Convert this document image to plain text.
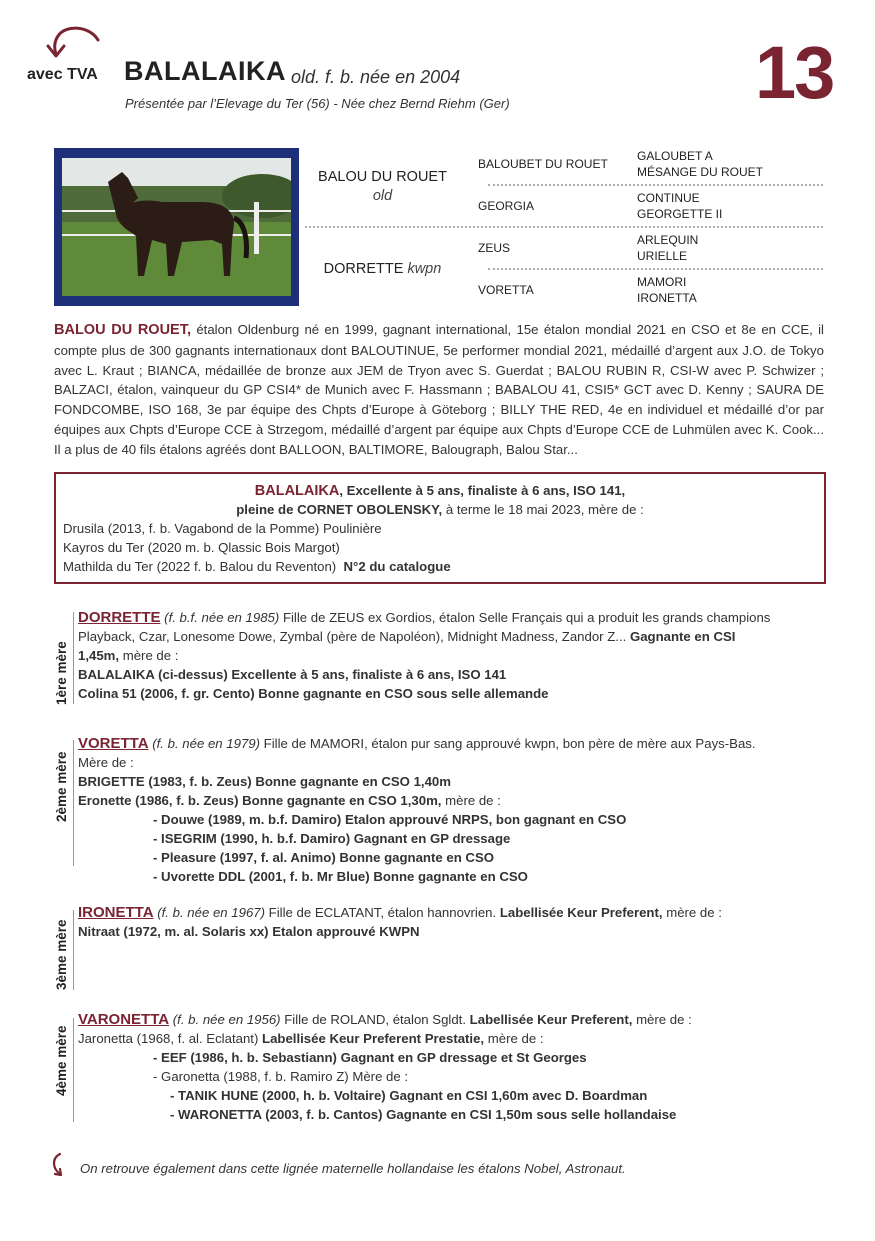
avec TVA BALALAIKA old. f. b. née en 2004
Présentée par l’Elevage du Ter (56) - Née chez Bernd Riehm (Ger)	13
BALOU DU ROUET
old
DORRETTE kwpn
BALOUBET DU ROUET
GEORGIA
ZEUS
VORETTA
GALOUBET A
MÉSANGE DU ROUET
CONTINUE
GEORGETTE II
ARLEQUIN
URIELLE
MAMORI
IRONETTA
BALOU DU ROUET, étalon Oldenburg né en 1999, gagnant international, 15e étalon mondial 2021 en CSO et 8e en CCE, il compte plus de 300 gagnants internationaux dont BALOUTINUE, 5e performer mondial 2021, médaillé d’argent aux J.O. de Tokyo avec L. Kraut ; BIANCA, médaillée de bronze aux JEM de Tryon avec S. Guerdat ; BALOU RUBIN R, CSI-W avec P. Schwizer ; BALZACI, étalon, vainqueur du GP CSI4* de Munich avec F. Hassmann ; BABALOU 41, CSI5* GCT avec D. Kenny ; SAURA DE FONDCOMBE, ISO 168, 3e par équipe des Chpts d’Europe à Göteborg ; BILLY THE RED, 4e en individuel et médaillé d’or par équipes aux Chpts d’Europe CCE à Strzegom, médaillé d’argent par équipe aux Chpts d’Europe CCE de Luhmülen avec K. Cook... Il a plus de 40 fils étalons agréés dont BALLOON, BALTIMORE, Balougraph, Balou Star...
BALALAIKA, Excellente à 5 ans, finaliste à 6 ans, ISO 141,
pleine de CORNET OBOLENSKY, à terme le 18 mai 2023, mère de :
Drusila (2013, f. b. Vagabond de la Pomme) Poulinière
Kayros du Ter (2020 m. b. Qlassic Bois Margot)
Mathilda du Ter (2022 f. b. Balou du Reventon) N°2 du catalogue
1ère mère
DORRETTE (f. b.f. née en 1985) Fille de ZEUS ex Gordios, étalon Selle Français qui a produit les grands champions
Playback, Czar, Lonesome Dowe, Zymbal (père de Napoléon), Midnight Madness, Zandor Z... Gagnante en CSI
1,45m, mère de :
BALALAIKA (ci-dessus) Excellente à 5 ans, finaliste à 6 ans, ISO 141
Colina 51 (2006, f. gr. Cento) Bonne gagnante en CSO sous selle allemande
2ème mère
VORETTA (f. b. née en 1979) Fille de MAMORI, étalon pur sang approuvé kwpn, bon père de mère aux Pays-Bas.
Mère de :
BRIGETTE (1983, f. b. Zeus) Bonne gagnante en CSO 1,40m
Eronette (1986, f. b. Zeus) Bonne gagnante en CSO 1,30m, mère de :
- Douwe (1989, m. b.f. Damiro) Etalon approuvé NRPS, bon gagnant en CSO
- ISEGRIM (1990, h. b.f. Damiro) Gagnant en GP dressage
- Pleasure (1997, f. al. Animo) Bonne gagnante en CSO
- Uvorette DDL (2001, f. b. Mr Blue) Bonne gagnante en CSO
3ème mère
IRONETTA (f. b. née en 1967) Fille de ECLATANT, étalon hannovrien. Labellisée Keur Preferent, mère de :
Nitraat (1972, m. al. Solaris xx) Etalon approuvé KWPN
4ème mère
VARONETTA (f. b. née en 1956) Fille de ROLAND, étalon Sgldt. Labellisée Keur Preferent, mère de :
Jaronetta (1968, f. al. Eclatant) Labellisée Keur Preferent Prestatie, mère de :
- EEF (1986, h. b. Sebastiann) Gagnant en GP dressage et St Georges
- Garonetta (1988, f. b. Ramiro Z) Mère de :
- TANIK HUNE (2000, h. b. Voltaire) Gagnant en CSI 1,60m avec D. Boardman
- WARONETTA (2003, f. b. Cantos) Gagnante en CSI 1,50m sous selle hollandaise
On retrouve également dans cette lignée maternelle hollandaise les étalons Nobel, Astronaut.
